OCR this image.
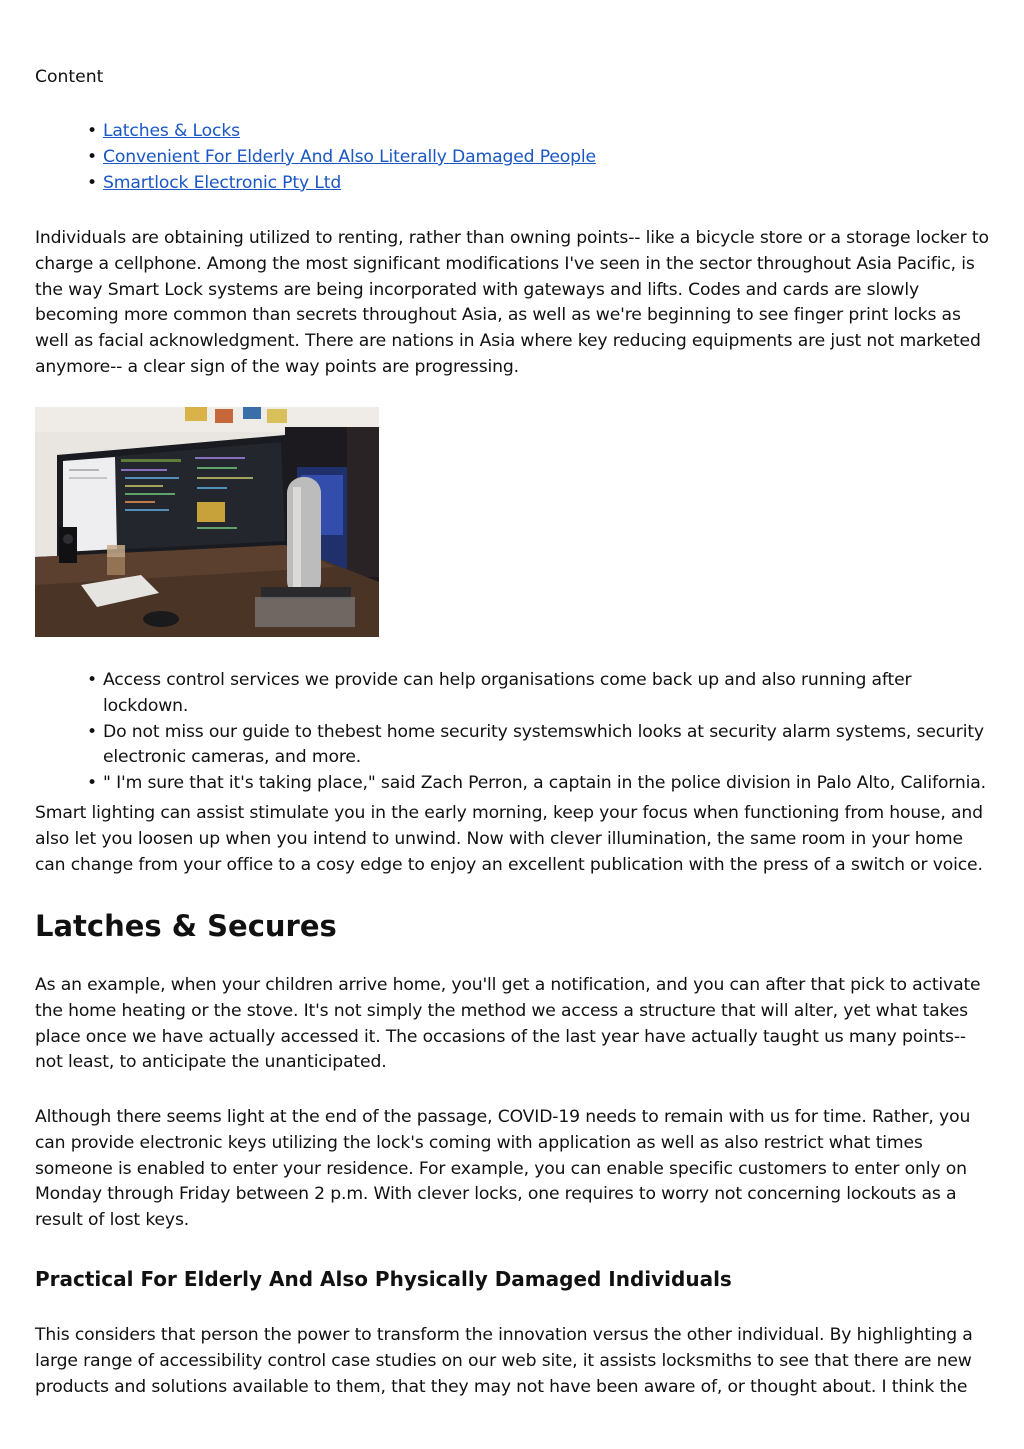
Content
• Latches & Locks
• Convenient For Elderly And Also Literally Damaged People
• Smartlock Electronic Pty Ltd

Individuals are obtaining utilized to renting, rather than owning points-- like a bicycle store or a storage locker to charge a cellphone. Among the most significant modifications I've seen in the sector throughout Asia Pacific, is the way Smart Lock systems are being incorporated with gateways and lifts. Codes and cards are slowly becoming more common than secrets throughout Asia, as well as we're beginning to see finger print locks as well as facial acknowledgment. There are nations in Asia where key reducing equipments are just not marketed anymore-- a clear sign of the way points are progressing.

• Access control services we provide can help organisations come back up and also running after lockdown.
• Do not miss our guide to thebest home security systemswhich looks at security alarm systems, security electronic cameras, and more.
• " I'm sure that it's taking place," said Zach Perron, a captain in the police division in Palo Alto, California.

Smart lighting can assist stimulate you in the early morning, keep your focus when functioning from house, and also let you loosen up when you intend to unwind. Now with clever illumination, the same room in your home can change from your office to a cosy edge to enjoy an excellent publication with the press of a switch or voice.

Latches & Secures

As an example, when your children arrive home, you'll get a notification, and you can after that pick to activate the home heating or the stove. It's not simply the method we access a structure that will alter, yet what takes place once we have actually accessed it. The occasions of the last year have actually taught us many points-- not least, to anticipate the unanticipated.

Although there seems light at the end of the passage, COVID-19 needs to remain with us for time. Rather, you can provide electronic keys utilizing the lock's coming with application as well as also restrict what times someone is enabled to enter your residence. For example, you can enable specific customers to enter only on Monday through Friday between 2 p.m. With clever locks, one requires to worry not concerning lockouts as a result of lost keys.

Practical For Elderly And Also Physically Damaged Individuals

This considers that person the power to transform the innovation versus the other individual. By highlighting a large range of accessibility control case studies on our web site, it assists locksmiths to see that there are new products and solutions available to them, that they may not have been aware of, or thought about. I think the
